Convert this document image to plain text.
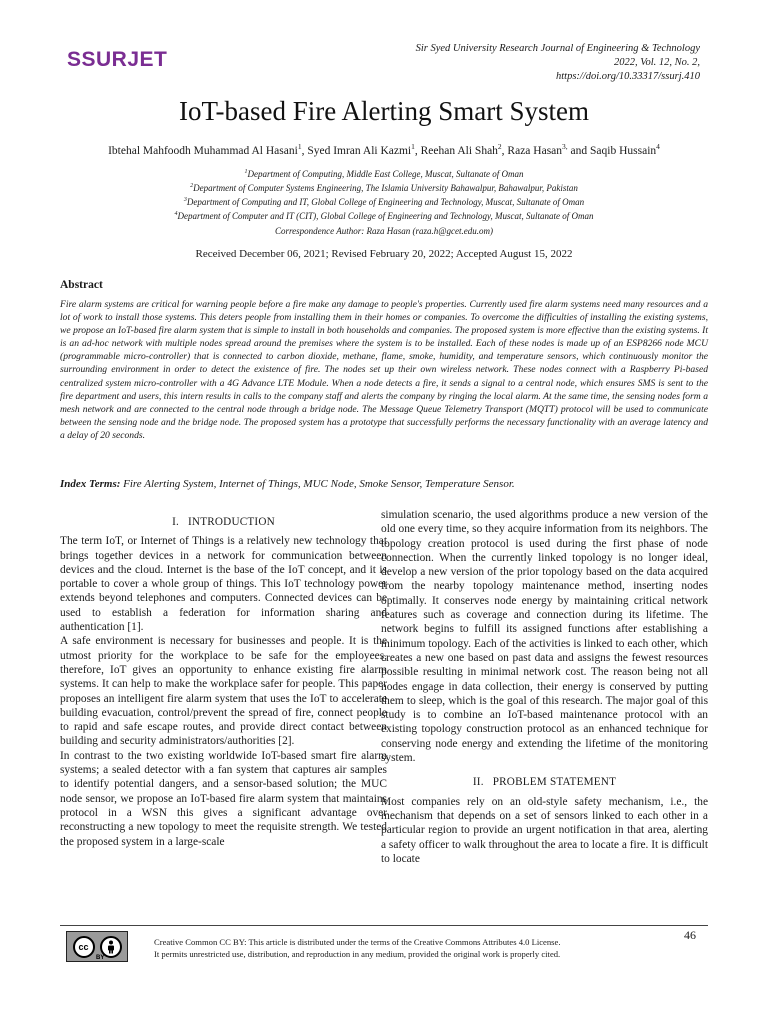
SSURJET	Sir Syed University Research Journal of Engineering & Technology
2022, Vol. 12, No. 2,
https://doi.org/10.33317/ssurj.410
IoT-based Fire Alerting Smart System
Ibtehal Mahfoodh Muhammad Al Hasani$^1$, Syed Imran Ali Kazmi$^1$, Reehan Ali Shah$^2$, Raza Hasan$^{3,}$ and Saqib Hussain$^4$
$^1$Department of Computing, Middle East College, Muscat, Sultanate of Oman
$^2$Department of Computer Systems Engineering, The Islamia University Bahawalpur, Bahawalpur, Pakistan
$^3$Department of Computing and IT, Global College of Engineering and Technology, Muscat, Sultanate of Oman
$^4$Department of Computer and IT (CIT), Global College of Engineering and Technology, Muscat, Sultanate of Oman
Correspondence Author: Raza Hasan (raza.h@gcet.edu.om)
Received December 06, 2021; Revised February 20, 2022; Accepted August 15, 2022
Abstract
Fire alarm systems are critical for warning people before a fire make any damage to people's properties. Currently used fire alarm systems need many resources and a lot of work to install those systems. This deters people from installing them in their homes or companies. To overcome the difficulties of installing the existing systems, we propose an IoT-based fire alarm system that is simple to install in both households and companies. The proposed system is more effective than the existing systems. It is an ad-hoc network with multiple nodes spread around the premises where the system is to be installed. Each of these nodes is made up of an ESP8266 node MCU (programmable micro-controller) that is connected to carbon dioxide, methane, flame, smoke, humidity, and temperature sensors, which continuously monitor the surrounding environment in order to detect the existence of fire. The nodes set up their own wireless network. These nodes connect with a Raspberry Pi-based centralized system micro-controller with a 4G Advance LTE Module. When a node detects a fire, it sends a signal to a central node, which ensures SMS is sent to the fire department and users, this intern results in calls to the company staff and alerts the company by ringing the local alarm. At the same time, the sensing nodes form a mesh network and are connected to the central node through a bridge node. The Message Queue Telemetry Transport (MQTT) protocol will be used to communicate between the sensing node and the bridge node. The proposed system has a prototype that successfully performs the necessary functionality with an average latency and a delay of 20 seconds.
Index Terms: Fire Alerting System, Internet of Things, MUC Node, Smoke Sensor, Temperature Sensor.
I.   INTRODUCTION

The term IoT, or Internet of Things is a relatively new technology that brings together devices in a network for communication between devices and the cloud. Internet is the base of the IoT concept, and it is portable to cover a whole group of things. This IoT technology power extends beyond telephones and computers. Connected devices can be used to establish a federation for information sharing and authentication [1].

A safe environment is necessary for businesses and people. It is the utmost priority for the workplace to be safe for the employees, therefore, IoT gives an opportunity to enhance existing fire alarm systems. It can help to make the workplace safer for people. This paper proposes an intelligent fire alarm system that uses the IoT to accelerate building evacuation, control/prevent the spread of fire, connect people to rapid and safe escape routes, and provide direct contact between building and security administrators/authorities [2].

In contrast to the two existing worldwide IoT-based smart fire alarm systems; a sealed detector with a fan system that captures air samples to identify potential dangers, and a sensor-based solution; the MUC node sensor, we propose an IoT-based fire alarm system that maintains protocol in a WSN this gives a significant advantage over reconstructing a new topology to meet the requisite strength. We tested the proposed system in a large-scale

simulation scenario, the used algorithms produce a new version of the old one every time, so they acquire information from its neighbors. The topology creation protocol is used during the first phase of node connection. When the currently linked topology is no longer ideal, develop a new version of the prior topology based on the data acquired from the nearby topology maintenance method, inserting nodes optimally. It conserves node energy by maintaining critical network features such as coverage and connection during its lifetime. The network begins to fulfill its assigned functions after establishing a minimum topology. Each of the activities is linked to each other, which creates a new one based on past data and assigns the fewest resources possible resulting in minimal network cost. The reason being not all nodes engage in data collection, their energy is conserved by putting them to sleep, which is the goal of this research. The major goal of this study is to combine an IoT-based maintenance protocol with an existing topology construction protocol as an enhanced technique for conserving node energy and extending the lifetime of the monitoring system.

II.   PROBLEM STATEMENT

Most companies rely on an old-style safety mechanism, i.e., the mechanism that depends on a set of sensors linked to each other in a particular region to provide an urgent notification in that area, alerting a safety officer to walk throughout the area to locate a fire. It is difficult to locate

cc
BY
Creative Common CC BY: This article is distributed under the terms of the Creative Commons Attributes 4.0 License.
It permits unrestricted use, distribution, and reproduction in any medium, provided the original work is properly cited.
46
